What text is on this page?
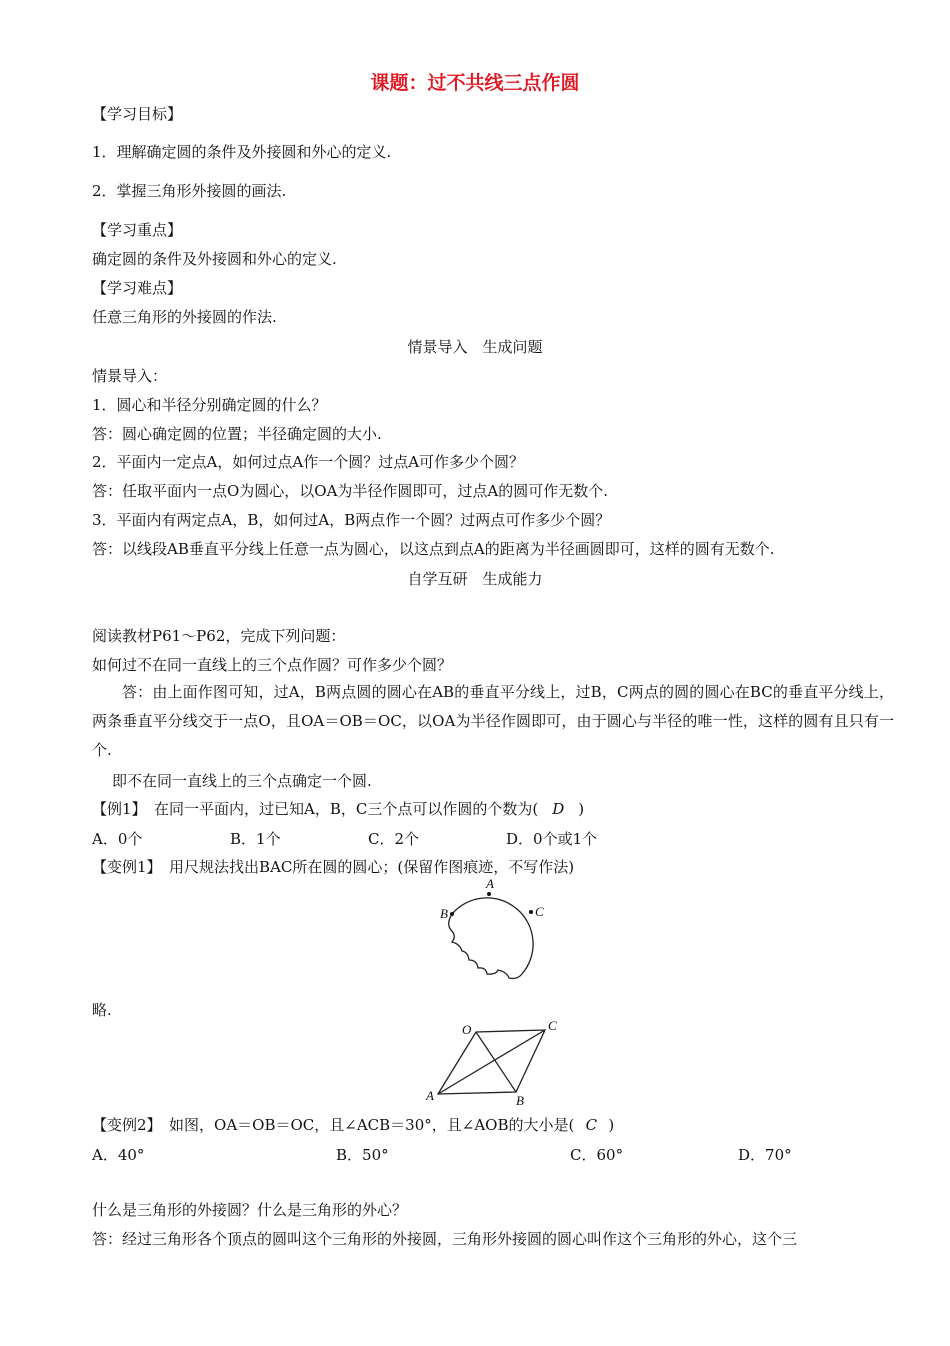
课题：过不共线三点作圆
【学习目标】
1．理解确定圆的条件及外接圆和外心的定义.
2．掌握三角形外接圆的画法.
【学习重点】
确定圆的条件及外接圆和外心的定义.
【学习难点】
任意三角形的外接圆的作法.
情景导入　生成问题
情景导入：
1．圆心和半径分别确定圆的什么？
答：圆心确定圆的位置；半径确定圆的大小.
2．平面内一定点A，如何过点A作一个圆？过点A可作多少个圆？
答：任取平面内一点O为圆心，以OA为半径作圆即可，过点A的圆可作无数个.
3．平面内有两定点A，B，如何过A，B两点作一个圆？过两点可作多少个圆？
答：以线段AB垂直平分线上任意一点为圆心，以这点到点A的距离为半径画圆即可，这样的圆有无数个.
自学互研　生成能力
阅读教材P61～P62，完成下列问题：
如何过不在同一直线上的三个点作圆？可作多少个圆？
答：由上面作图可知，过A，B两点圆的圆心在AB的垂直平分线上，过B，C两点的圆的圆心在BC的垂直平分线上，两条垂直平分线交于一点O，且OA＝OB＝OC，以OA为半径作圆即可，由于圆心与半径的唯一性，这样的圆有且只有一个.
即不在同一直线上的三个点确定一个圆.
【例1】　在同一平面内，过已知A，B，C三个点可以作圆的个数为( D )
A．0个	B．1个	C．2个	D．0个或1个
【变例1】　用尺规法找出BAC所在圆的圆心；(保留作图痕迹，不写作法)
A
B	C
略.
O	C
A	B
【变例2】　如图，OA＝OB＝OC，且∠ACB＝30°，且∠AOB的大小是( C )
A．40°	B．50°	C．60°	D．70°
什么是三角形的外接圆？什么是三角形的外心？
答：经过三角形各个顶点的圆叫这个三角形的外接圆，三角形外接圆的圆心叫作这个三角形的外心，这个三
